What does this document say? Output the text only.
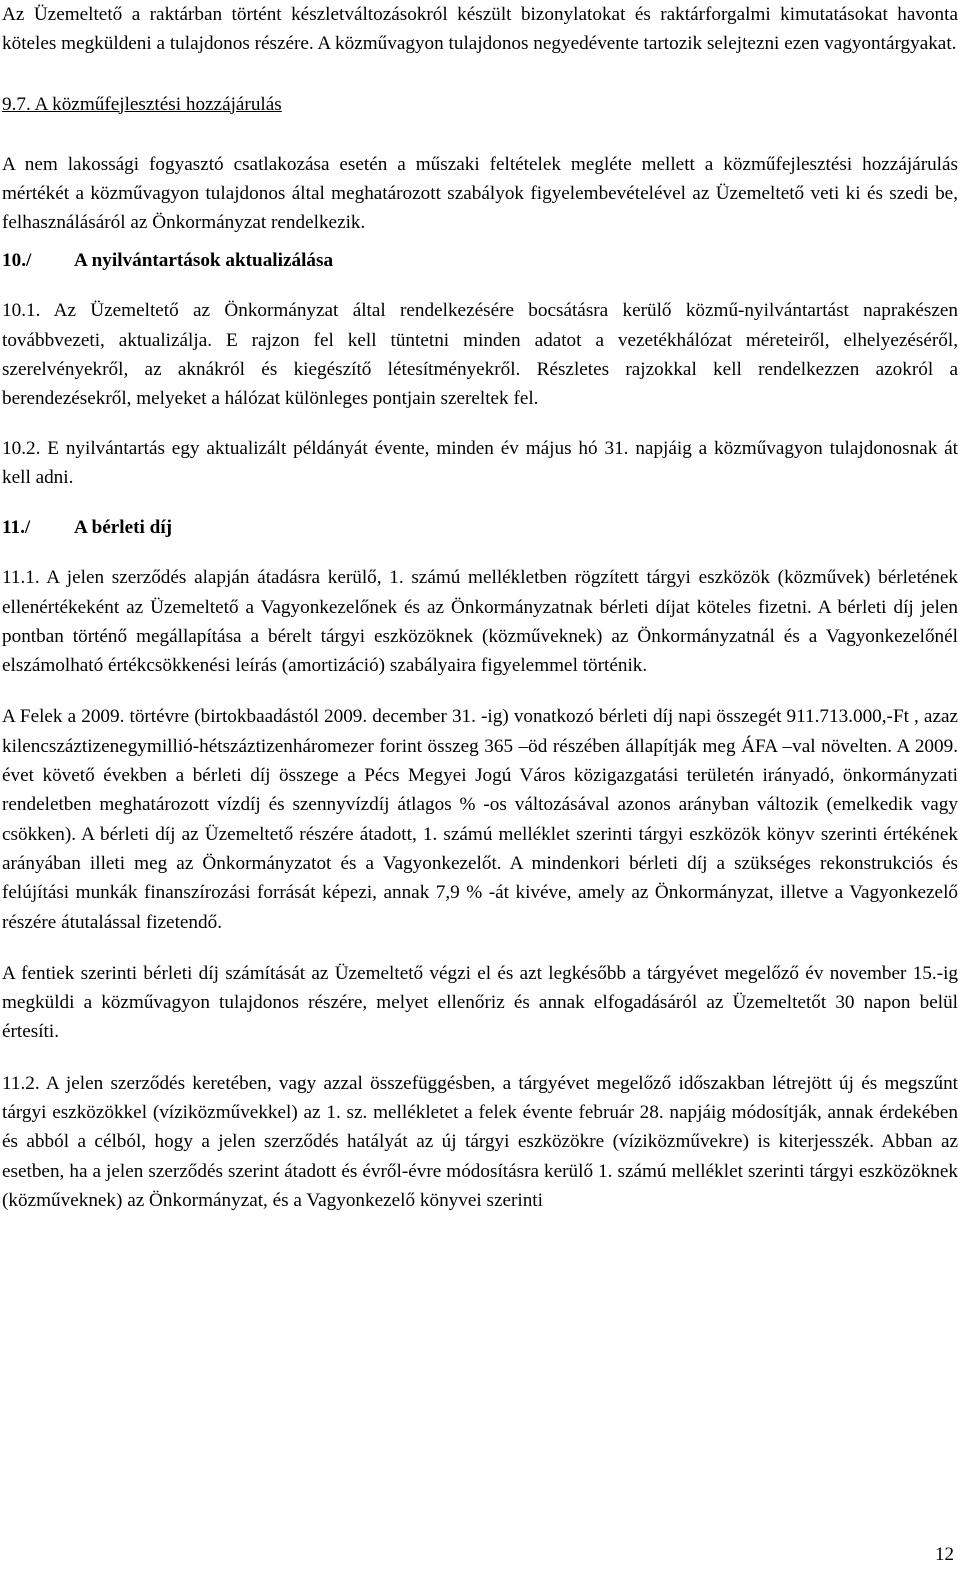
Az Üzemeltető a raktárban történt készletváltozásokról készült bizonylatokat és raktárforgalmi kimutatásokat havonta köteles megküldeni a tulajdonos részére. A közművagyon tulajdonos negyedévente tartozik selejtezni ezen vagyontárgyakat.

9.7. A közműfejlesztési hozzájárulás

A nem lakossági fogyasztó csatlakozása esetén a műszaki feltételek megléte mellett a közműfejlesztési hozzájárulás mértékét a közművagyon tulajdonos által meghatározott szabályok figyelembevételével az Üzemeltető veti ki és szedi be, felhasználásáról az Önkormányzat rendelkezik.

10./	A nyilvántartások aktualizálása

10.1. Az Üzemeltető az Önkormányzat által rendelkezésére bocsátásra kerülő közmű-nyilvántartást naprakészen továbbvezeti, aktualizálja. E rajzon fel kell tüntetni minden adatot a vezetékhálózat méreteiről, elhelyezéséről, szerelvényekről, az aknákról és kiegészítő létesítményekről. Részletes rajzokkal kell rendelkezzen azokról a berendezésekről, melyeket a hálózat különleges pontjain szereltek fel.

10.2. E nyilvántartás egy aktualizált példányát évente, minden év május hó 31. napjáig a közművagyon tulajdonosnak át kell adni.

11./	A bérleti díj

11.1. A jelen szerződés alapján átadásra kerülő, 1. számú mellékletben rögzített tárgyi eszközök (közművek) bérletének ellenértékeként az Üzemeltető a Vagyonkezelőnek és az Önkormányzatnak bérleti díjat köteles fizetni. A bérleti díj jelen pontban történő megállapítása a bérelt tárgyi eszközöknek (közműveknek) az Önkormányzatnál és a Vagyonkezelőnél elszámolható értékcsökkenési leírás (amortizáció) szabályaira figyelemmel történik.

A Felek a 2009. törtévre (birtokbaadástól 2009. december 31. -ig) vonatkozó bérleti díj napi összegét 911.713.000,-Ft , azaz kilencszáztizenegymillió-hétszáztizenháromezer forint összeg 365 –öd részében állapítják meg ÁFA –val növelten. A 2009. évet követő években a bérleti díj összege a Pécs Megyei Jogú Város közigazgatási területén irányadó, önkormányzati rendeletben meghatározott vízdíj és szennyvízdíj átlagos % -os változásával azonos arányban változik (emelkedik vagy csökken). A bérleti díj az Üzemeltető részére átadott, 1. számú melléklet szerinti tárgyi eszközök könyv szerinti értékének arányában illeti meg az Önkormányzatot és a Vagyonkezelőt. A mindenkori bérleti díj a szükséges rekonstrukciós és felújítási munkák finanszírozási forrását képezi, annak 7,9 % -át kivéve, amely az Önkormányzat, illetve a Vagyonkezelő részére átutalással fizetendő.

A fentiek szerinti bérleti díj számítását az Üzemeltető végzi el és azt legkésőbb a tárgyévet megelőző év november 15.-ig megküldi a közművagyon tulajdonos részére, melyet ellenőriz és annak elfogadásáról az Üzemeltetőt 30 napon belül értesíti.

11.2. A jelen szerződés keretében, vagy azzal összefüggésben, a tárgyévet megelőző időszakban létrejött új és megszűnt tárgyi eszközökkel (víziközművekkel) az 1. sz. mellékletet a felek évente február 28. napjáig módosítják, annak érdekében és abból a célból, hogy a jelen szerződés hatályát az új tárgyi eszközökre (víziközművekre) is kiterjesszék. Abban az esetben, ha a jelen szerződés szerint átadott és évről-évre módosításra kerülő 1. számú melléklet szerinti tárgyi eszközöknek (közműveknek) az Önkormányzat, és a Vagyonkezelő könyvei szerinti

12
